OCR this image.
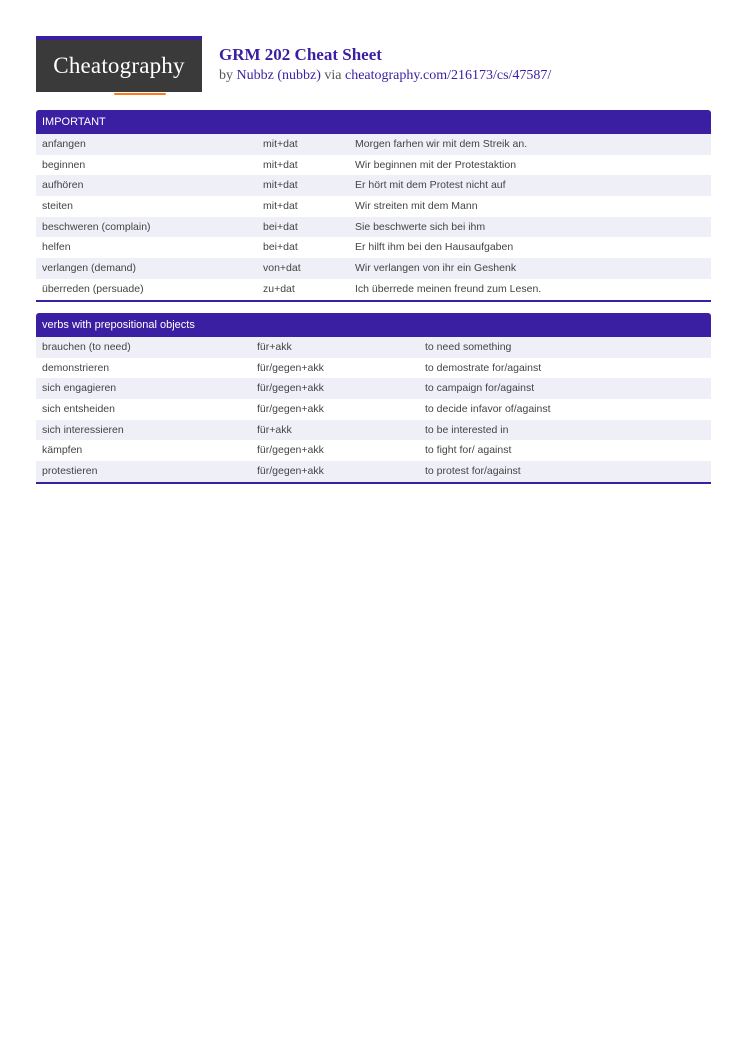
Cheatography GRM 202 Cheat Sheet

by Nubbz (nubbz) via cheatography.com/216173/cs/47587/

IMPORTANT
anfangen	mit+dat	Morgen farhen wir mit dem Streik an.
beginnen	mit+dat	Wir beginnen mit der Protestaktion
aufhören	mit+dat	Er hört mit dem Protest nicht auf
steiten	mit+dat	Wir streiten mit dem Mann
beschweren (complain)	bei+dat	Sie beschwerte sich bei ihm
helfen	bei+dat	Er hilft ihm bei den Hausaufgaben
verlangen (demand)	von+dat	Wir verlangen von ihr ein Geshenk
überreden (persuade)	zu+dat	Ich überrede meinen freund zum Lesen.
verbs with prepositional objects
brauchen (to need)	für+akk	to need something
demonstrieren	für/gegen+akk	to demostrate for/against
sich engagieren	für/gegen+akk	to campaign for/against
sich entsheiden	für/gegen+akk	to decide infavor of/against
sich interessieren	für+akk	to be interested in
kämpfen	für/gegen+akk	to fight for/ against
protestieren	für/gegen+akk	to protest for/against
